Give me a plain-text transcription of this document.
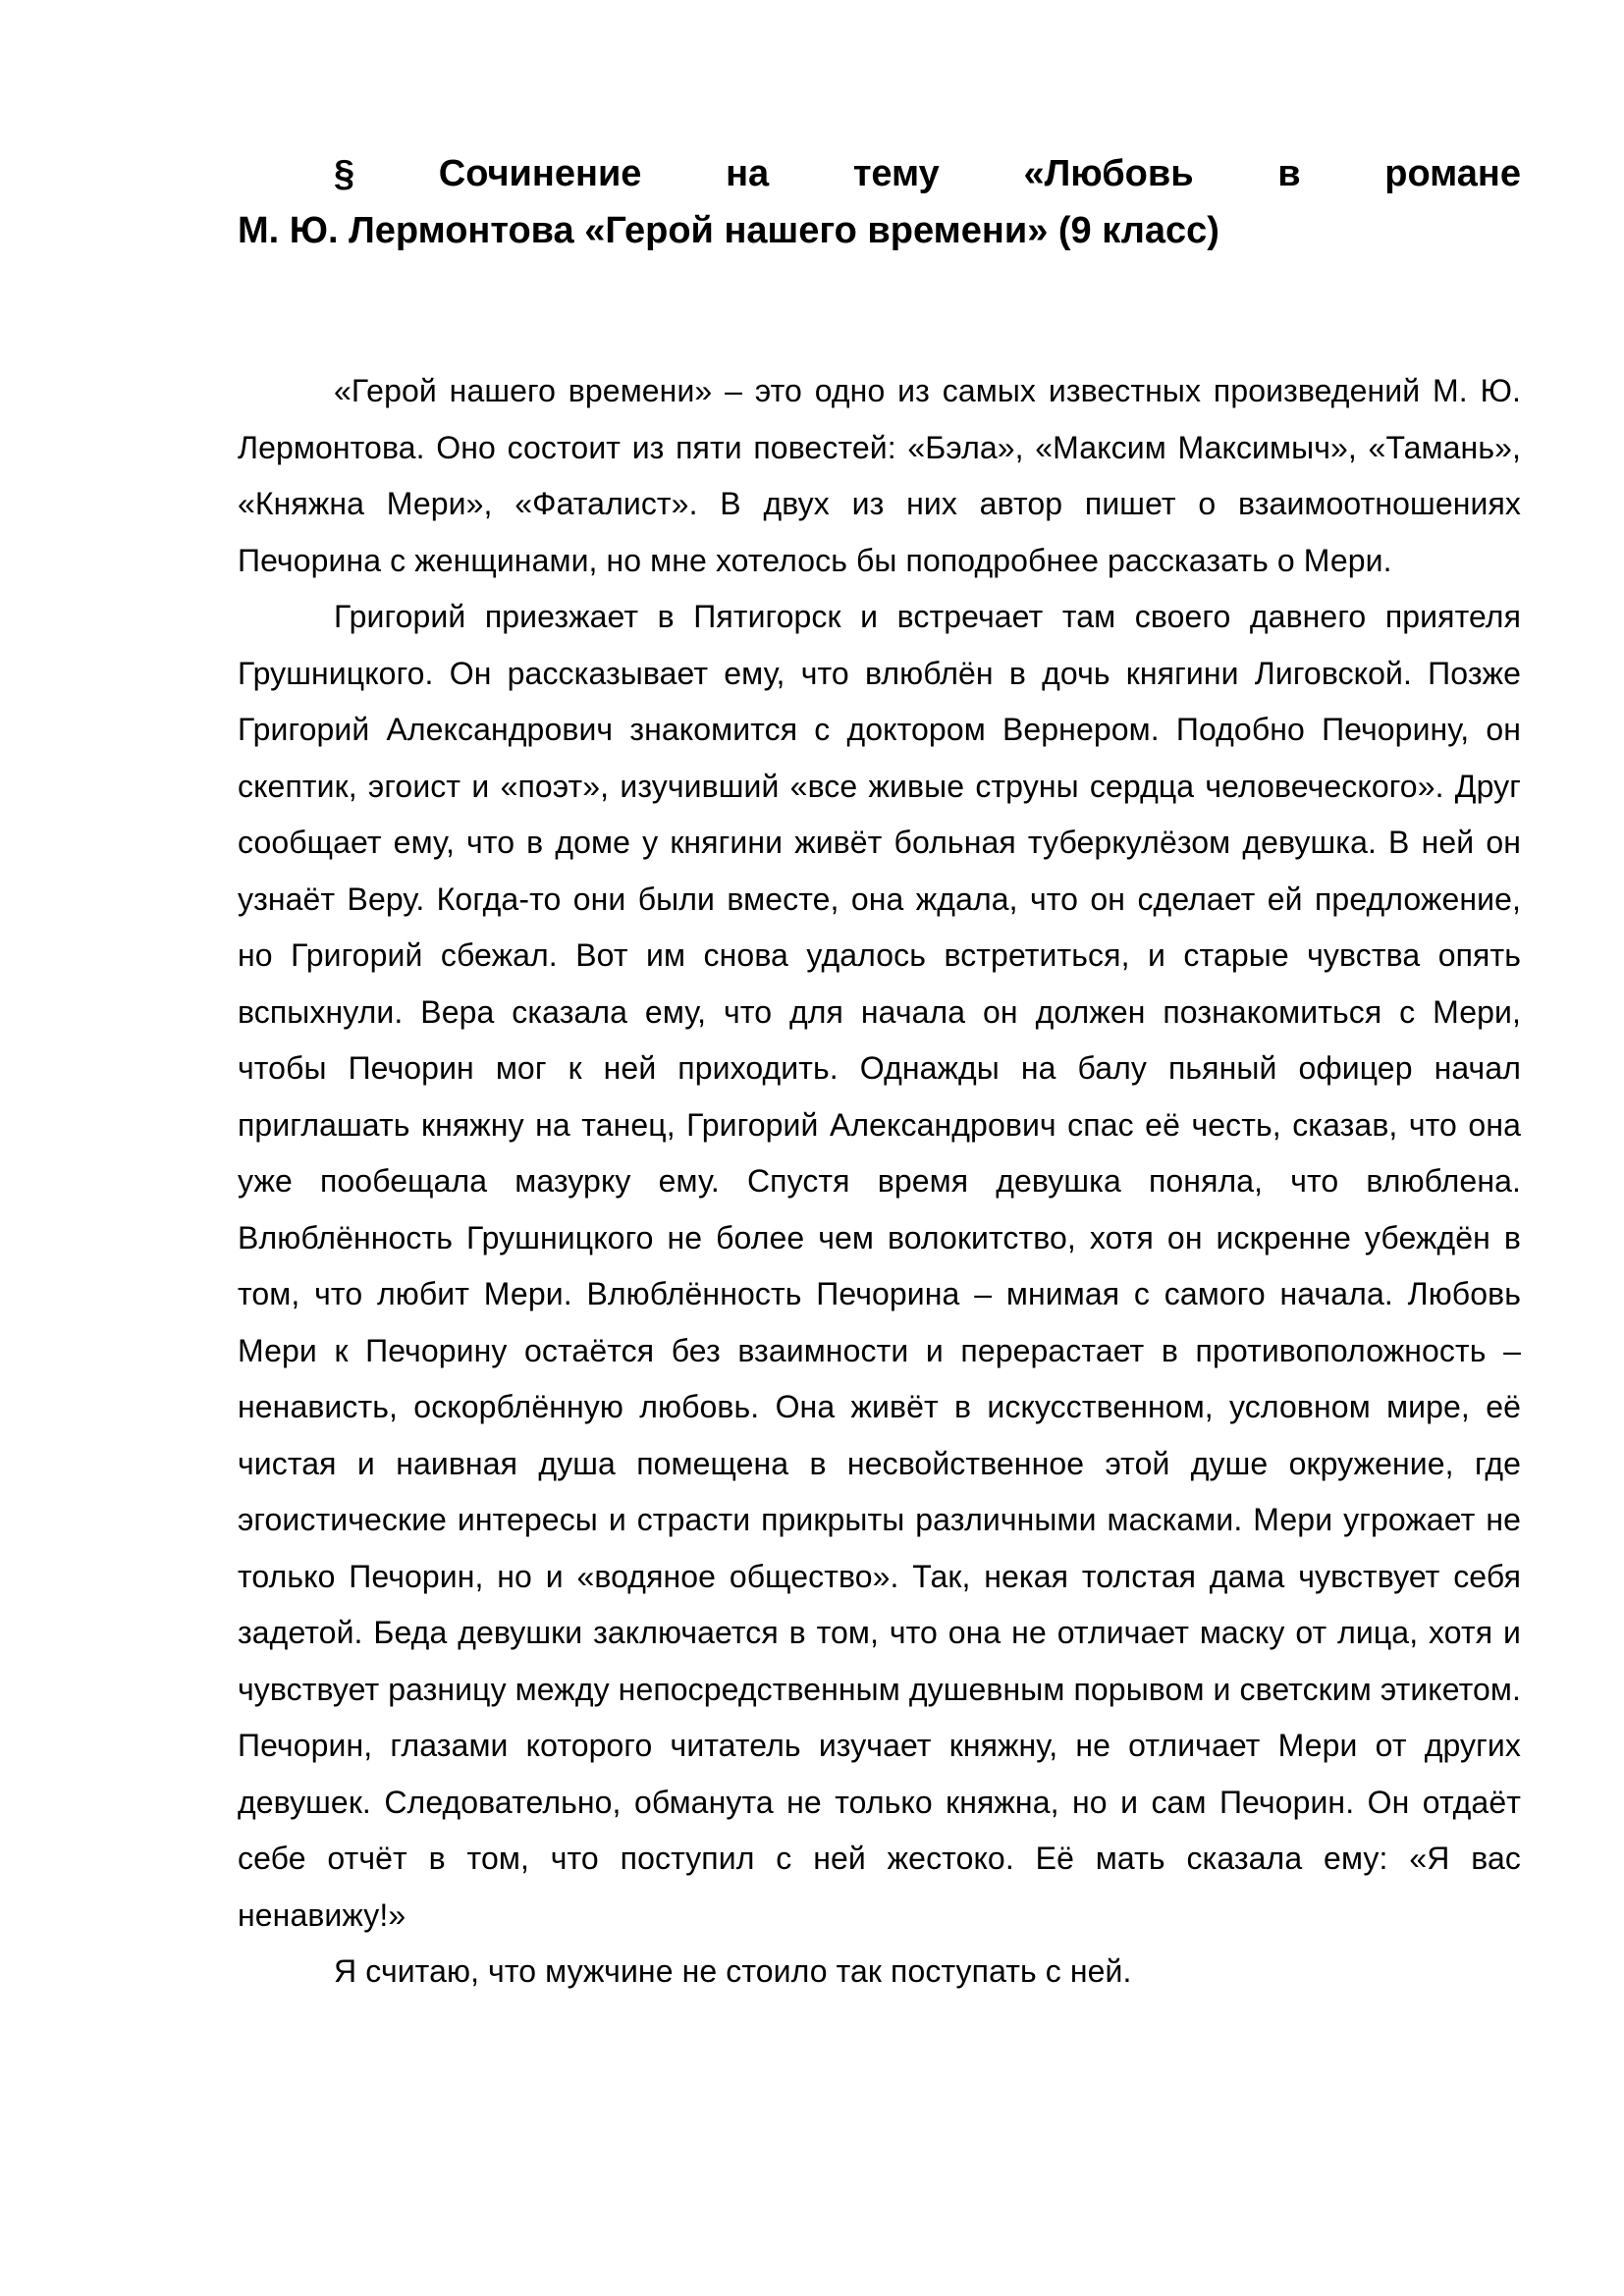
§ Сочинение на тему «Любовь в романе
М. Ю. Лермонтова «Герой нашего времени» (9 класс)

«Герой нашего времени» – это одно из самых известных произведений М. Ю. Лермонтова. Оно состоит из пяти повестей: «Бэла», «Максим Максимыч», «Тамань», «Княжна Мери», «Фаталист». В двух из них автор пишет о взаимоотношениях Печорина с женщинами, но мне хотелось бы поподробнее рассказать о Мери.

Григорий приезжает в Пятигорск и встречает там своего давнего приятеля Грушницкого. Он рассказывает ему, что влюблён в дочь княгини Лиговской. Позже Григорий Александрович знакомится с доктором Вернером. Подобно Печорину, он скептик, эгоист и «поэт», изучивший «все живые струны сердца человеческого». Друг сообщает ему, что в доме у княгини живёт больная туберкулёзом девушка. В ней он узнаёт Веру. Когда-то они были вместе, она ждала, что он сделает ей предложение, но Григорий сбежал. Вот им снова удалось встретиться, и старые чувства опять вспыхнули. Вера сказала ему, что для начала он должен познакомиться с Мери, чтобы Печорин мог к ней приходить. Однажды на балу пьяный офицер начал приглашать княжну на танец, Григорий Александрович спас её честь, сказав, что она уже пообещала мазурку ему. Спустя время девушка поняла, что влюблена. Влюблённость Грушницкого не более чем волокитство, хотя он искренне убеждён в том, что любит Мери. Влюблённость Печорина – мнимая с самого начала. Любовь Мери к Печорину остаётся без взаимности и перерастает в противоположность – ненависть, оскорблённую любовь. Она живёт в искусственном, условном мире, её чистая и наивная душа помещена в несвойственное этой душе окружение, где эгоистические интересы и страсти прикрыты различными масками. Мери угрожает не только Печорин, но и «водяное общество». Так, некая толстая дама чувствует себя задетой. Беда девушки заключается в том, что она не отличает маску от лица, хотя и чувствует разницу между непосредственным душевным порывом и светским этикетом. Печорин, глазами которого читатель изучает княжну, не отличает Мери от других девушек. Следовательно, обманута не только княжна, но и сам Печорин. Он отдаёт себе отчёт в том, что поступил с ней жестоко. Её мать сказала ему: «Я вас ненавижу!»

Я считаю, что мужчине не стоило так поступать с ней.
